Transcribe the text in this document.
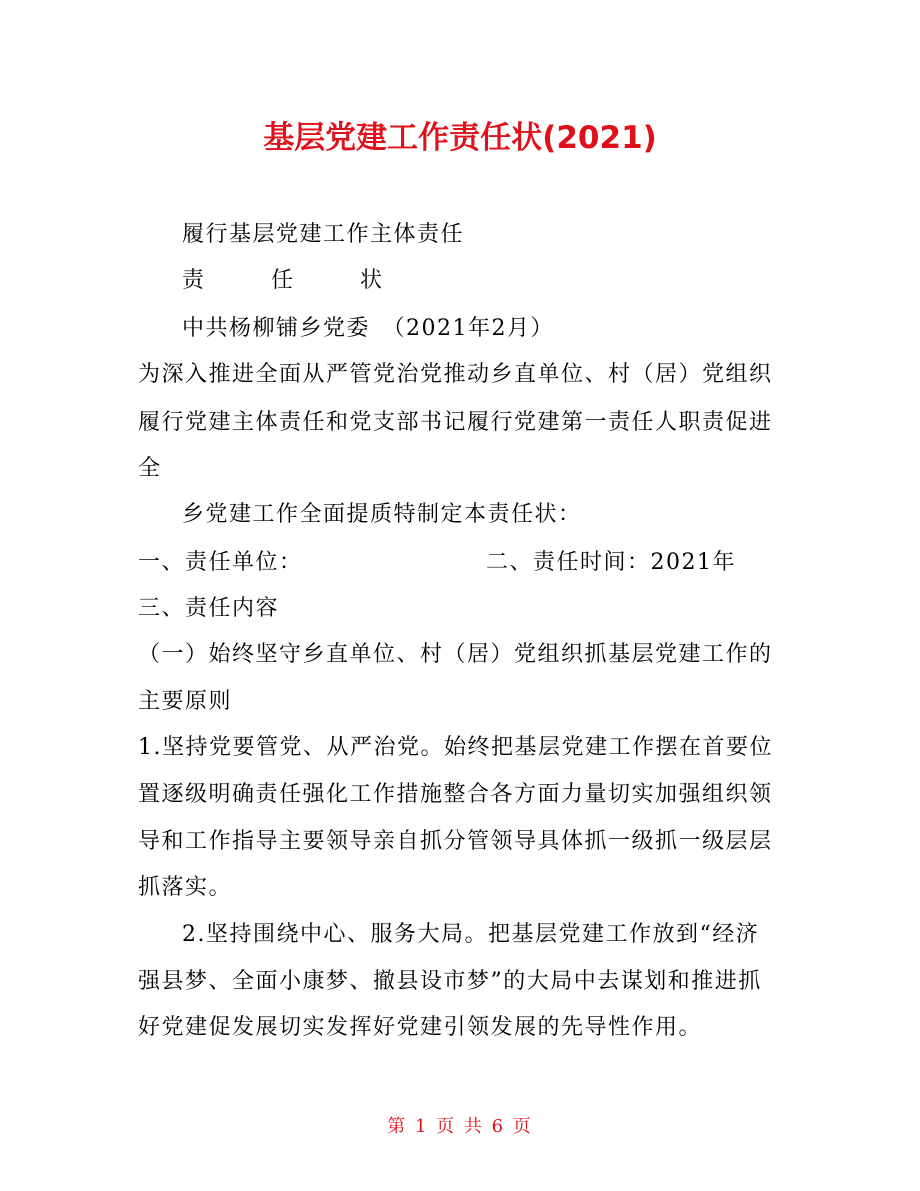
基层党建工作责任状(2021)
履行基层党建工作主体责任
责 任 状
中共杨柳铺乡党委　（2021年2月）
为深入推进全面从严管党治党推动乡直单位、村（居）党组织
履行党建主体责任和党支部书记履行党建第一责任人职责促进
全
乡党建工作全面提质特制定本责任状：
一、责任单位：	二、责任时间：2021年
三、责任内容
（一）始终坚守乡直单位、村（居）党组织抓基层党建工作的
主要原则
1.坚持党要管党、从严治党。始终把基层党建工作摆在首要位
置逐级明确责任强化工作措施整合各方面力量切实加强组织领
导和工作指导主要领导亲自抓分管领导具体抓一级抓一级层层
抓落实。
2.坚持围绕中心、服务大局。把基层党建工作放到“经济
强县梦、全面小康梦、撤县设市梦”的大局中去谋划和推进抓
好党建促发展切实发挥好党建引领发展的先导性作用。
第 1 页 共 6 页
